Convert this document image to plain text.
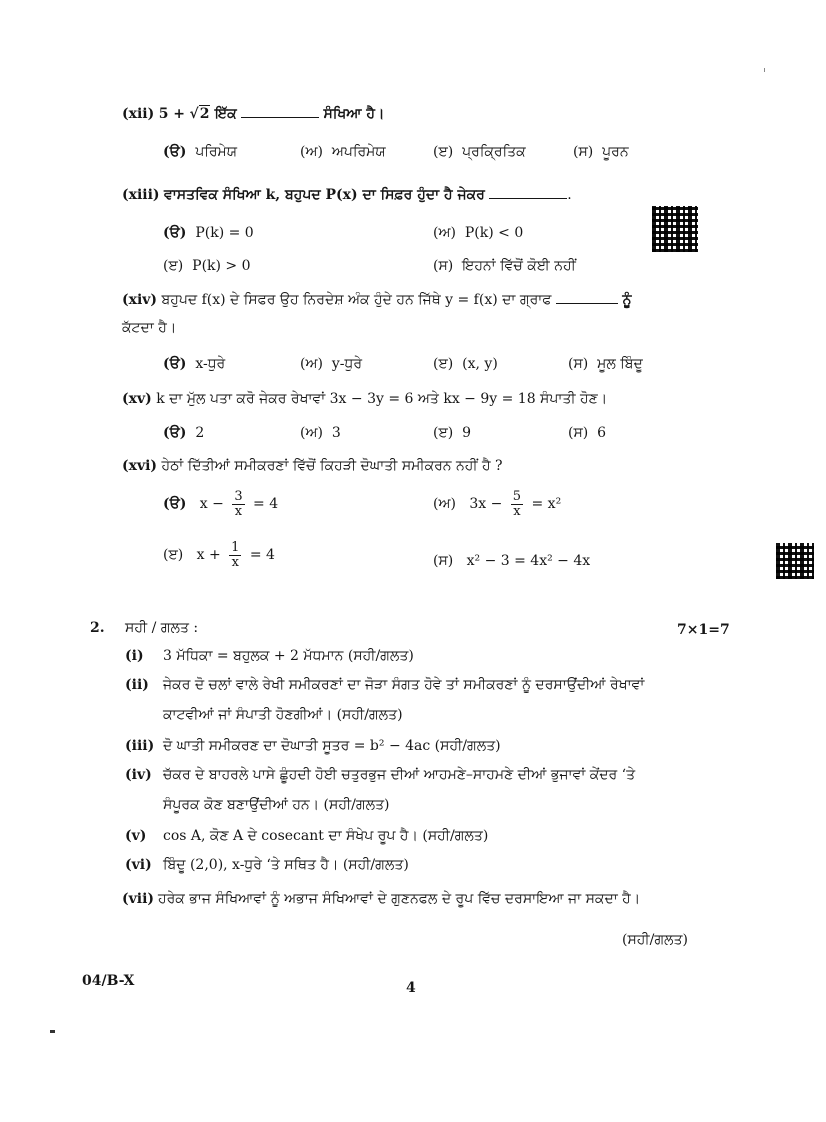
(xii) 5 + √2 ਇੱਕ	ਸੰਖਿਆ ਹੈ।
(ੳ) ਪਰਿਮੇਯ	(ਅ) ਅਪਰਿਮੇਯ	(ੲ) ਪ੍ਰਕ੍ਰਿਤਿਕ	(ਸ) ਪੂਰਨ
(xiii) ਵਾਸਤਵਿਕ ਸੰਖਿਆ k, ਬਹੁਪਦ P(x) ਦਾ ਸਿਫ਼ਰ ਹੁੰਦਾ ਹੈ ਜੇਕਰ	.
(ੳ) P(k) = 0	(ਅ) P(k) < 0
(ੲ) P(k) > 0	(ਸ) ਇਹਨਾਂ ਵਿੱਚੋਂ ਕੋਈ ਨਹੀਂ
(xiv) ਬਹੁਪਦ f(x) ਦੇ ਸਿਫਰ ਉਹ ਨਿਰਦੇਸ਼ ਅੰਕ ਹੁੰਦੇ ਹਨ ਜਿੱਥੇ y = f(x) ਦਾ ਗ੍ਰਾਫ	ਨੂੰ
ਕੱਟਦਾ ਹੈ।
(ੳ) x-ਧੁਰੇ	(ਅ) y-ਧੁਰੇ	(ੲ) (x, y)	(ਸ) ਮੂਲ ਬਿੰਦੂ
(xv) k ਦਾ ਮੁੱਲ ਪਤਾ ਕਰੋ ਜੇਕਰ ਰੇਖਾਵਾਂ 3x − 3y = 6 ਅਤੇ kx − 9y = 18 ਸੰਪਾਤੀ ਹੋਣ।
(ੳ) 2	(ਅ) 3	(ੲ) 9	(ਸ) 6
(xvi) ਹੇਠਾਂ ਦਿੱਤੀਆਂ ਸਮੀਕਰਣਾਂ ਵਿੱਚੋਂ ਕਿਹੜੀ ਦੋਘਾਤੀ ਸਮੀਕਰਨ ਨਹੀਂ ਹੈ ?
(ੳ) $x - \frac{3}{x} = 4$	(ਅ) $3x - \frac{5}{x} = x^2$
(ੲ) $x + \frac{1}{x} = 4$	(ਸ) x² − 3 = 4x² − 4x
2. ਸਹੀ / ਗਲਤ :	7×1=7
(i) 3 ਮੱਧਿਕਾ = ਬਹੁਲਕ + 2 ਮੱਧਮਾਨ (ਸਹੀ/ਗਲਤ)
(ii) ਜੇਕਰ ਦੋ ਚਲਾਂ ਵਾਲੇ ਰੇਖੀ ਸਮੀਕਰਣਾਂ ਦਾ ਜੋੜਾ ਸੰਗਤ ਹੋਵੇ ਤਾਂ ਸਮੀਕਰਣਾਂ ਨੂੰ ਦਰਸਾਉਂਦੀਆਂ ਰੇਖਾਵਾਂ
ਕਾਟਵੀਆਂ ਜਾਂ ਸੰਪਾਤੀ ਹੋਣਗੀਆਂ। (ਸਹੀ/ਗਲਤ)
(iii) ਦੋ ਘਾਤੀ ਸਮੀਕਰਣ ਦਾ ਦੋਘਾਤੀ ਸੂਤਰ = b² − 4ac (ਸਹੀ/ਗਲਤ)
(iv) ਚੱਕਰ ਦੇ ਬਾਹਰਲੇ ਪਾਸੇ ਛੂੰਹਦੀ ਹੋਈ ਚਤੁਰਭੁਜ ਦੀਆਂ ਆਹਮਣੇ–ਸਾਹਮਣੇ ਦੀਆਂ ਭੁਜਾਵਾਂ ਕੇਂਦਰ ‘ਤੇ
ਸੰਪੂਰਕ ਕੋਣ ਬਣਾਉਂਦੀਆਂ ਹਨ। (ਸਹੀ/ਗਲਤ)
(v) cos A, ਕੋਣ A ਦੇ cosecant ਦਾ ਸੰਖੇਪ ਰੂਪ ਹੈ। (ਸਹੀ/ਗਲਤ)
(vi) ਬਿੰਦੂ (2,0), x-ਧੁਰੇ ‘ਤੇ ਸਥਿਤ ਹੈ। (ਸਹੀ/ਗਲਤ)
(vii) ਹਰੇਕ ਭਾਜ ਸੰਖਿਆਵਾਂ ਨੂੰ ਅਭਾਜ ਸੰਖਿਆਵਾਂ ਦੇ ਗੁਣਨਫਲ ਦੇ ਰੂਪ ਵਿੱਚ ਦਰਸਾਇਆ ਜਾ ਸਕਦਾ ਹੈ।
(ਸਹੀ/ਗਲਤ)
04/B-X	4
